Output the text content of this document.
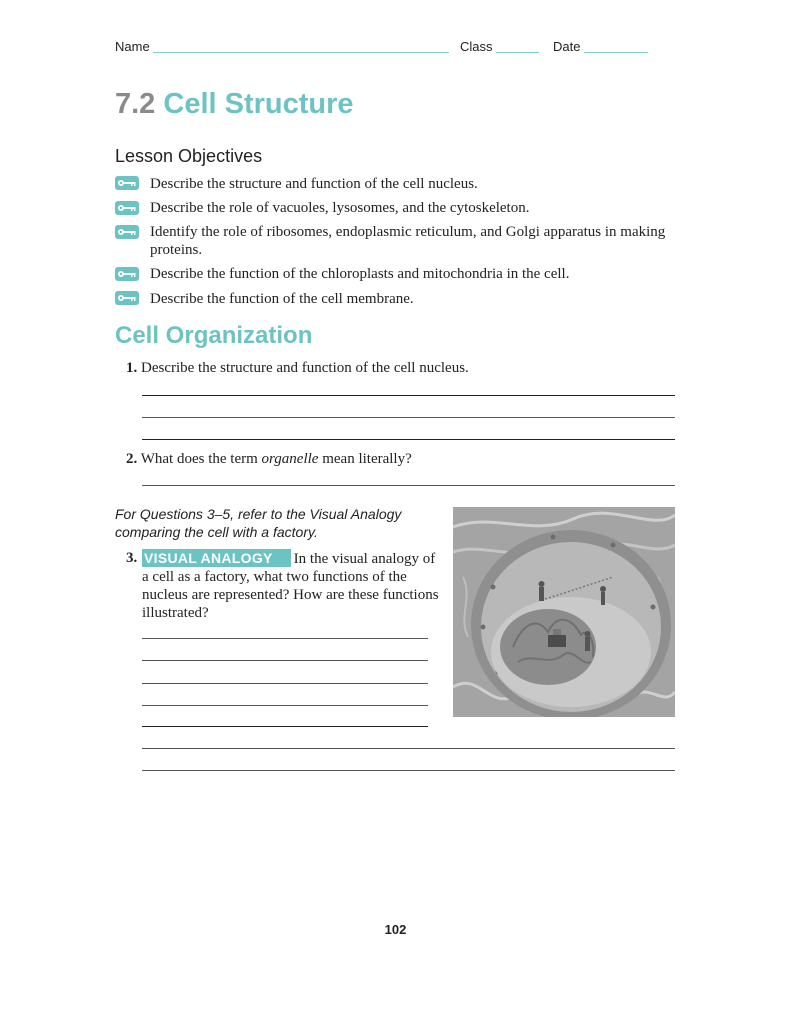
Name	Class	Date
7.2 Cell Structure
Lesson Objectives
Describe the structure and function of the cell nucleus.
Describe the role of vacuoles, lysosomes, and the cytoskeleton.
Identify the role of ribosomes, endoplasmic reticulum, and Golgi apparatus in making proteins.
Describe the function of the chloroplasts and mitochondria in the cell.
Describe the function of the cell membrane.
Cell Organization
1. Describe the structure and function of the cell nucleus.
2. What does the term organelle mean literally?
For Questions 3–5, refer to the Visual Analogy comparing the cell with a factory.
3. VISUAL ANALOGY In the visual analogy of a cell as a factory, what two functions of the nucleus are represented? How are these functions illustrated?
102
